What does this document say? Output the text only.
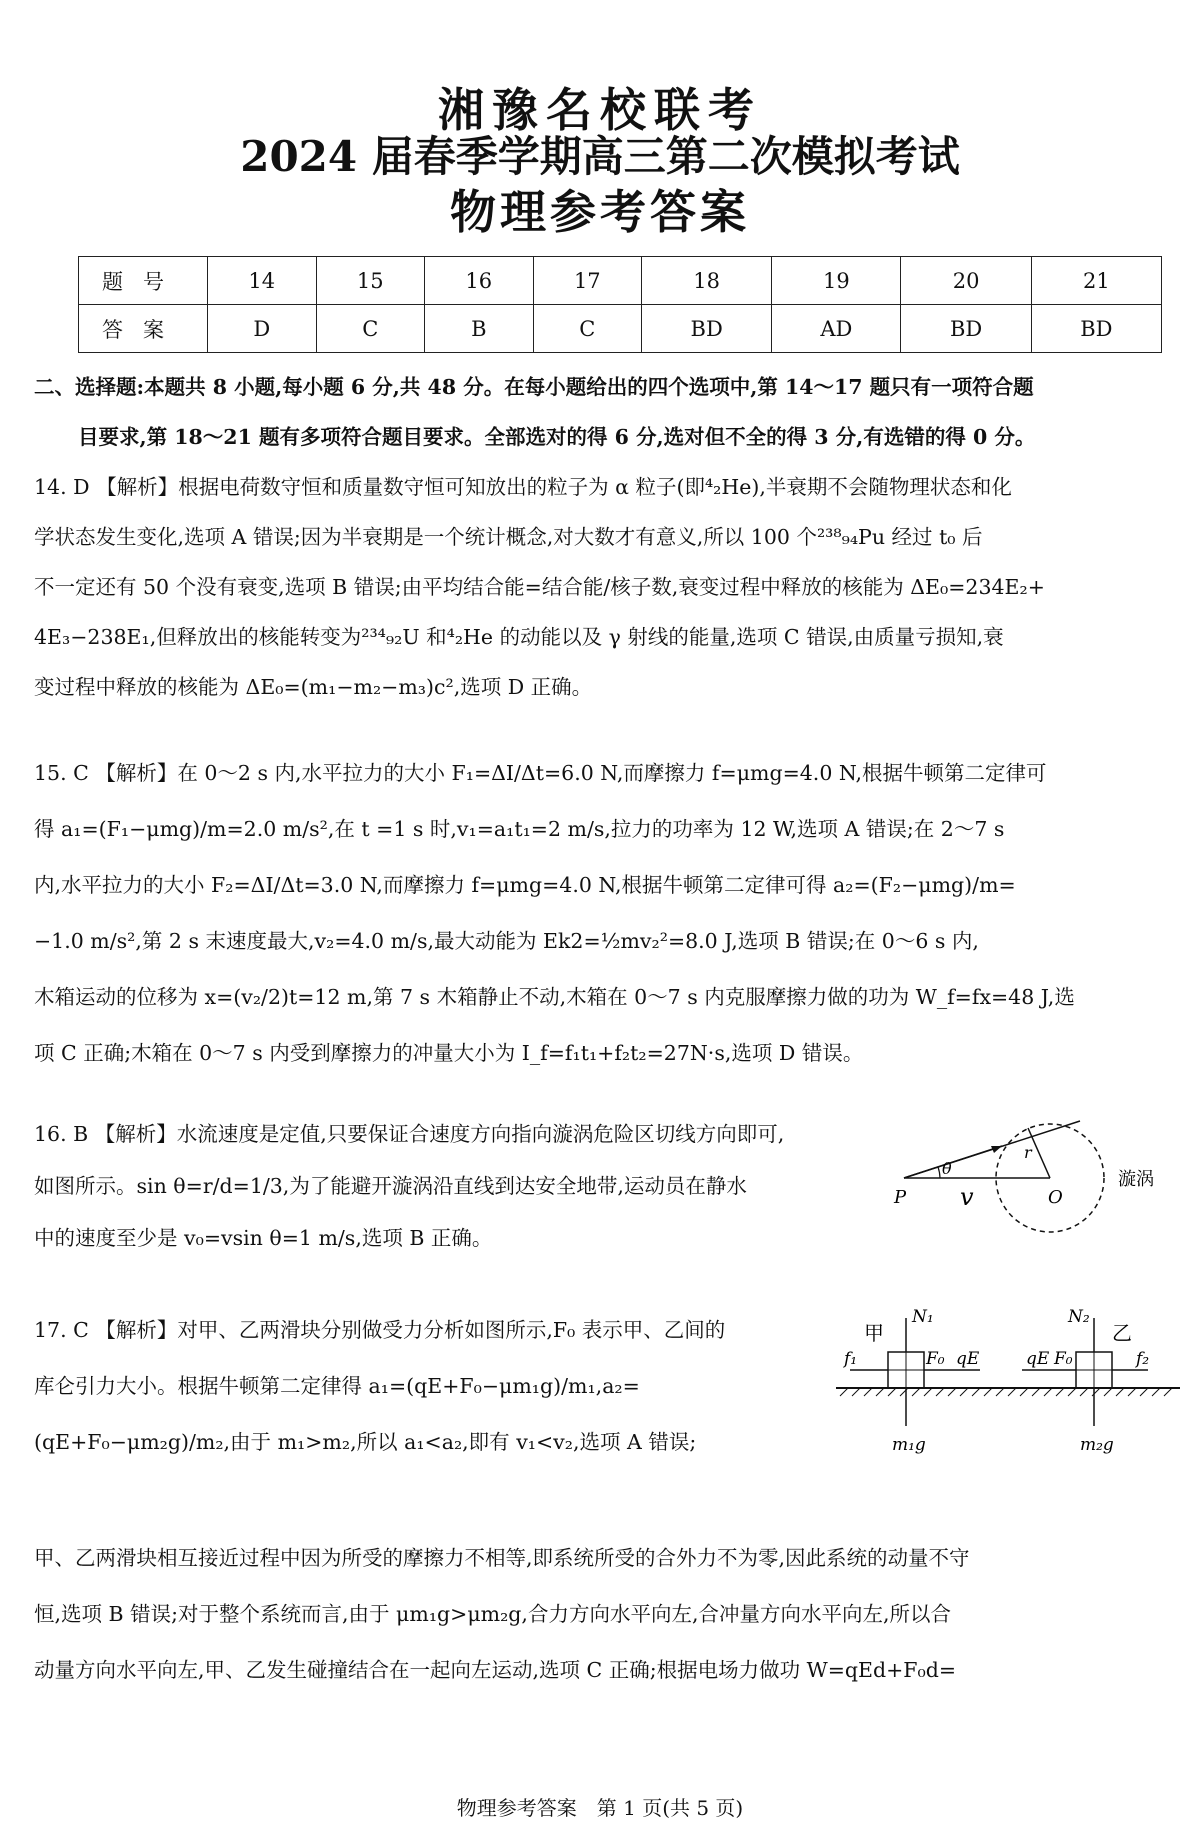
湘豫名校联考
2024 届春季学期高三第二次模拟考试
物理参考答案
题号	14	15	16	17	18	19	20	21
答案	D	C	B	C	BD	AD	BD	BD
二、选择题:本题共 8 小题,每小题 6 分,共 48 分。在每小题给出的四个选项中,第 14～17 题只有一项符合题
目要求,第 18～21 题有多项符合题目要求。全部选对的得 6 分,选对但不全的得 3 分,有选错的得 0 分。
14. D 【解析】根据电荷数守恒和质量数守恒可知放出的粒子为 α 粒子(即⁴₂He),半衰期不会随物理状态和化
学状态发生变化,选项 A 错误;因为半衰期是一个统计概念,对大数才有意义,所以 100 个²³⁸₉₄Pu 经过 t₀ 后
不一定还有 50 个没有衰变,选项 B 错误;由平均结合能=结合能/核子数,衰变过程中释放的核能为 ΔE₀=234E₂+
4E₃−238E₁,但释放出的核能转变为²³⁴₉₂U 和⁴₂He 的动能以及 γ 射线的能量,选项 C 错误,由质量亏损知,衰
变过程中释放的核能为 ΔE₀=(m₁−m₂−m₃)c²,选项 D 正确。
15. C 【解析】在 0～2 s 内,水平拉力的大小 F₁=ΔI/Δt=6.0 N,而摩擦力 f=μmg=4.0 N,根据牛顿第二定律可
得 a₁=(F₁−μmg)/m=2.0 m/s²,在 t =1 s 时,v₁=a₁t₁=2 m/s,拉力的功率为 12 W,选项 A 错误;在 2～7 s
内,水平拉力的大小 F₂=ΔI/Δt=3.0 N,而摩擦力 f=μmg=4.0 N,根据牛顿第二定律可得 a₂=(F₂−μmg)/m=
−1.0 m/s²,第 2 s 末速度最大,v₂=4.0 m/s,最大动能为 Ek2=½mv₂²=8.0 J,选项 B 错误;在 0～6 s 内,
木箱运动的位移为 x=(v₂/2)t=12 m,第 7 s 木箱静止不动,木箱在 0～7 s 内克服摩擦力做的功为 W_f=fx=48 J,选
项 C 正确;木箱在 0～7 s 内受到摩擦力的冲量大小为 I_f=f₁t₁+f₂t₂=27N·s,选项 D 错误。
16. B 【解析】水流速度是定值,只要保证合速度方向指向漩涡危险区切线方向即可,
如图所示。sin θ=r/d=1/3,为了能避开漩涡沿直线到达安全地带,运动员在静水
中的速度至少是 v₀=vsin θ=1 m/s,选项 B 正确。
P	O
v
θ
r
漩涡
17. C 【解析】对甲、乙两滑块分别做受力分析如图所示,F₀ 表示甲、乙间的
库仑引力大小。根据牛顿第二定律得 a₁=(qE+F₀−μm₁g)/m₁,a₂=
(qE+F₀−μm₂g)/m₂,由于 m₁>m₂,所以 a₁<a₂,即有 v₁<v₂,选项 A 错误;
甲、乙两滑块相互接近过程中因为所受的摩擦力不相等,即系统所受的合外力不为零,因此系统的动量不守
恒,选项 B 错误;对于整个系统而言,由于 μm₁g>μm₂g,合力方向水平向左,合冲量方向水平向左,所以合
动量方向水平向左,甲、乙发生碰撞结合在一起向左运动,选项 C 正确;根据电场力做功 W=qEd+F₀d=
甲
N₁
f₁	F₀ qE
m₁g
N₂
乙
qE F₀	f₂
m₂g
物理参考答案　第 1 页(共 5 页)
